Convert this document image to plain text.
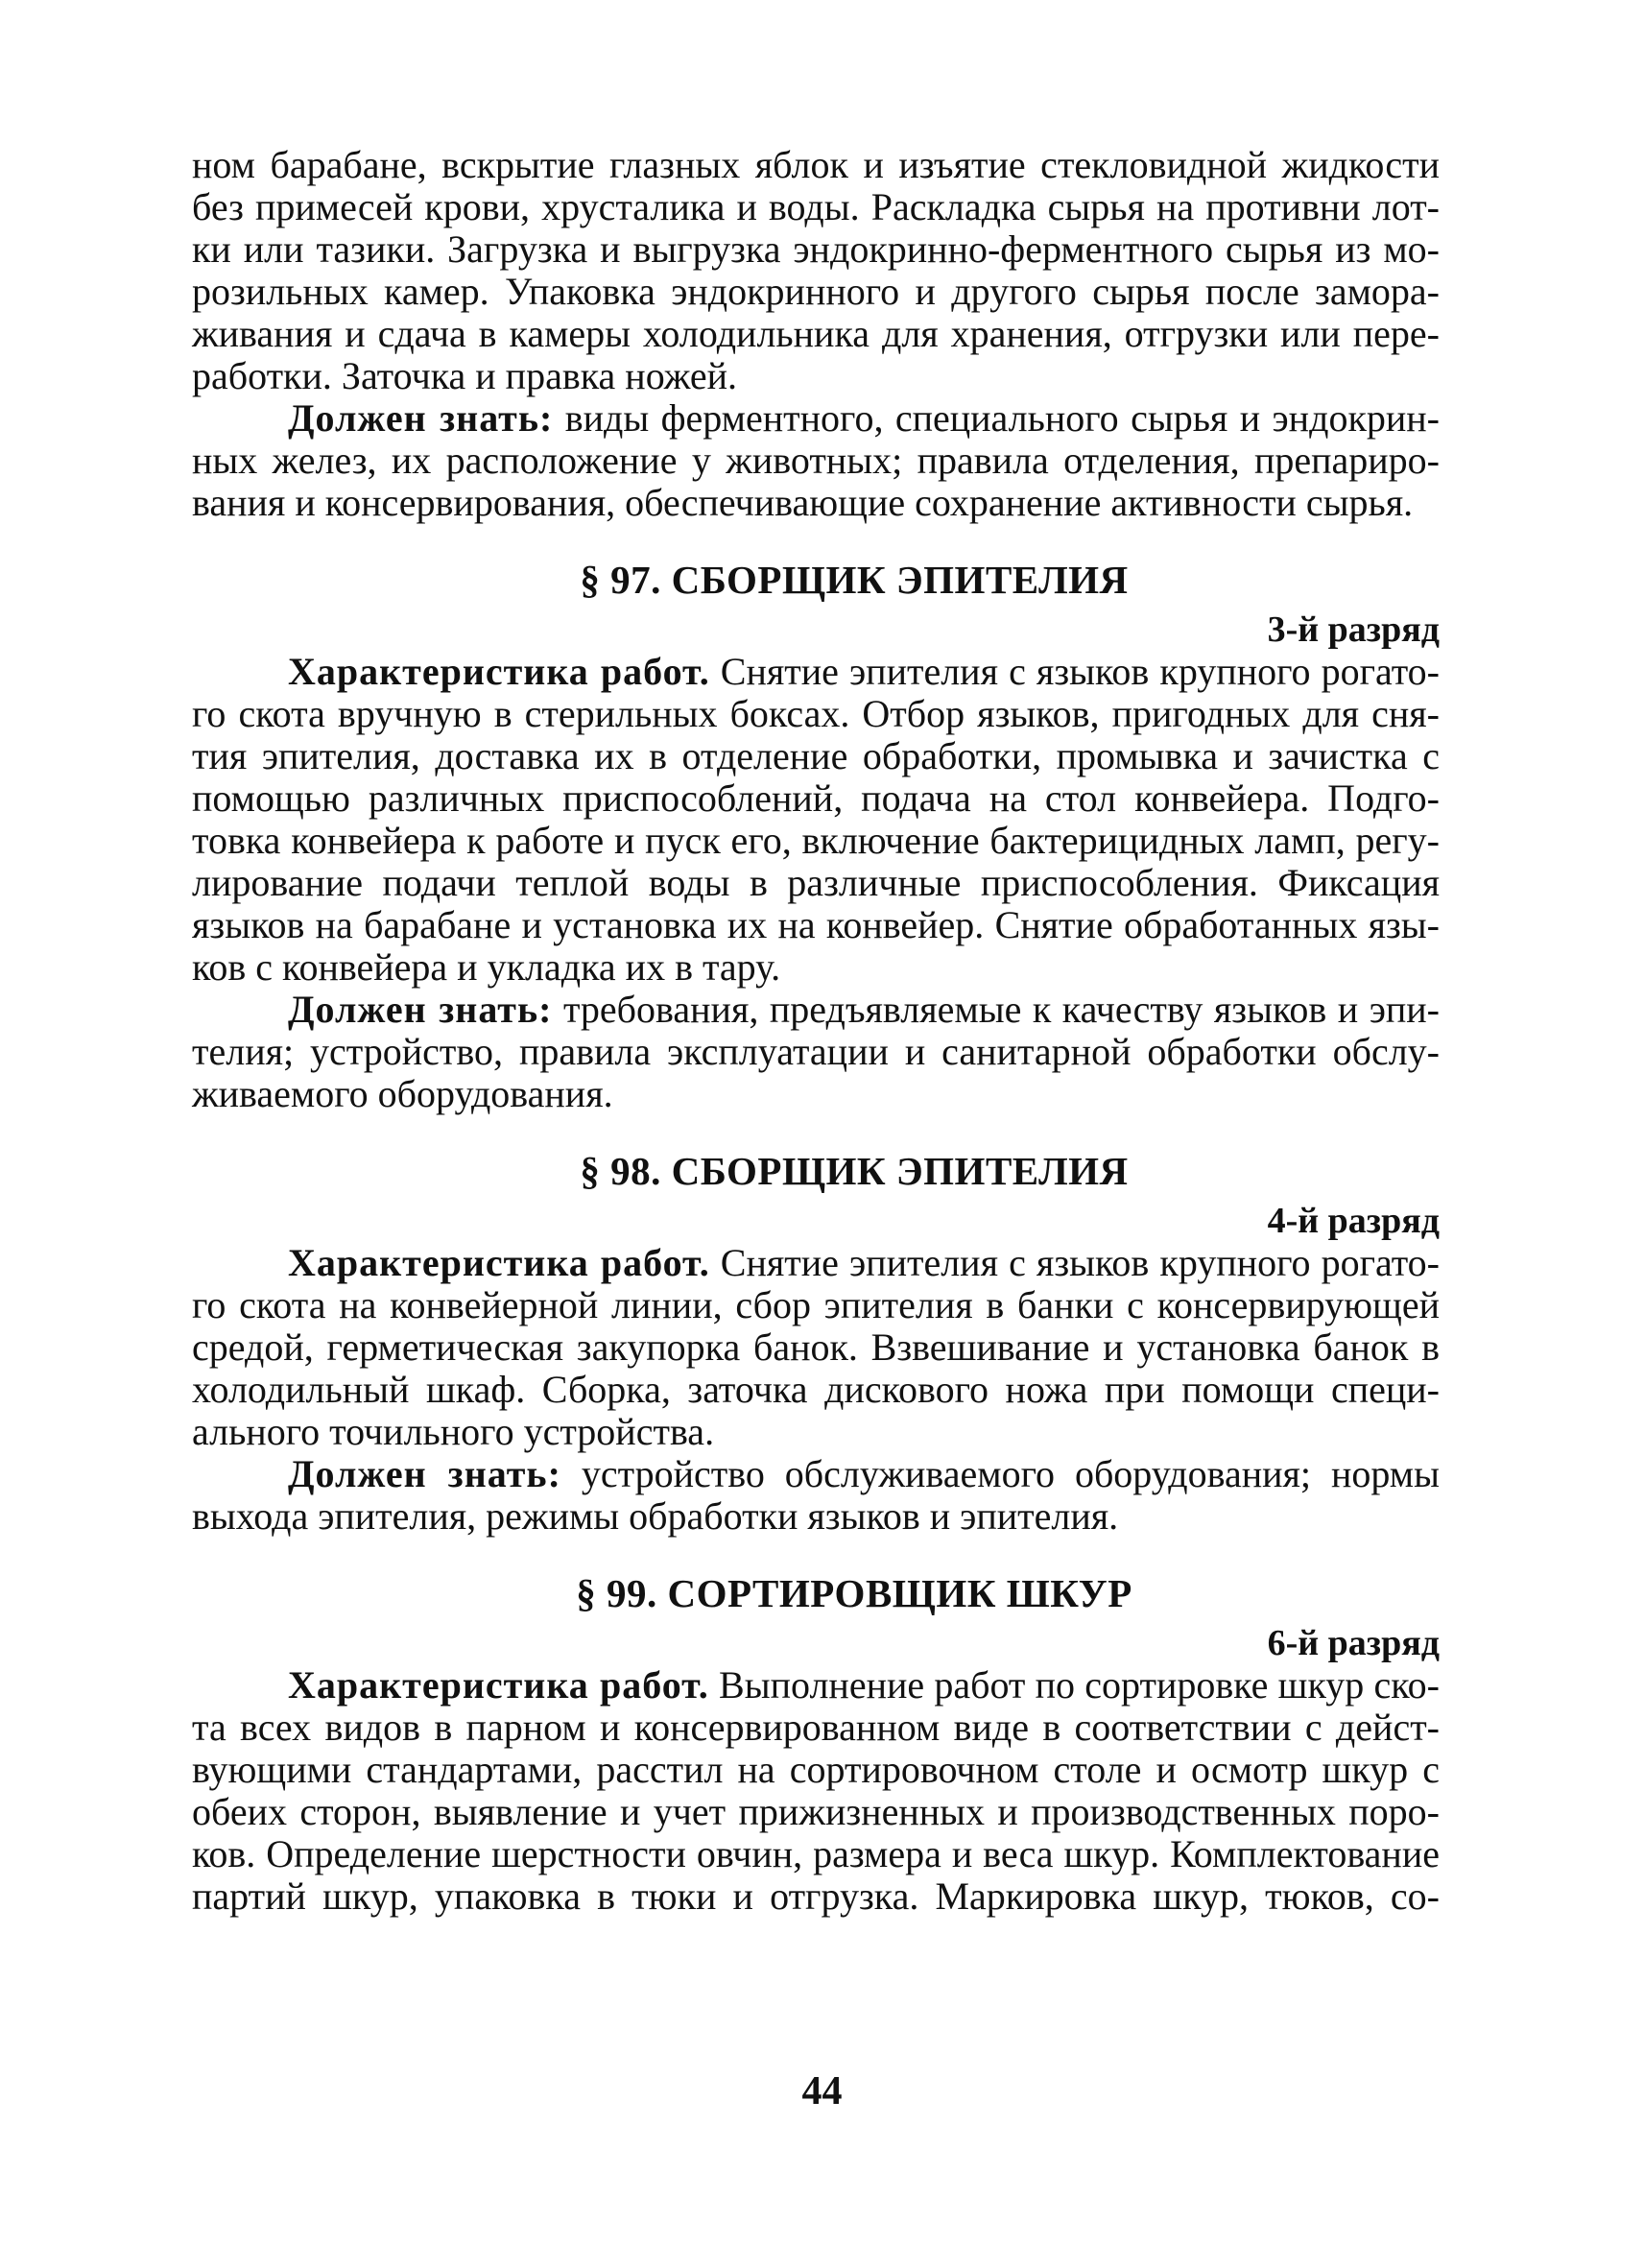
ном барабане, вскрытие глазных яблок и изъятие стекловидной жидкости
без примесей крови, хрусталика и воды. Раскладка сырья на противни лот-
ки или тазики. Загрузка и выгрузка эндокринно-ферментного сырья из мо-
розильных камер. Упаковка эндокринного и другого сырья после замора-
живания и сдача в камеры холодильника для хранения, отгрузки или пере-
работки. Заточка и правка ножей.
Должен знать: виды ферментного, специального сырья и эндокрин-
ных желез, их расположение у животных; правила отделения, препариро-
вания и консервирования, обеспечивающие сохранение активности сырья.
§ 97. СБОРЩИК ЭПИТЕЛИЯ
3-й разряд
Характеристика работ. Снятие эпителия с языков крупного рогато-
го скота вручную в стерильных боксах. Отбор языков, пригодных для сня-
тия эпителия, доставка их в отделение обработки, промывка и зачистка с
помощью различных приспособлений, подача на стол конвейера. Подго-
товка конвейера к работе и пуск его, включение бактерицидных ламп, регу-
лирование подачи теплой воды в различные приспособления. Фиксация
языков на барабане и установка их на конвейер. Снятие обработанных язы-
ков с конвейера и укладка их в тару.
Должен знать: требования, предъявляемые к качеству языков и эпи-
телия; устройство, правила эксплуатации и санитарной обработки обслу-
живаемого оборудования.
§ 98. СБОРЩИК ЭПИТЕЛИЯ
4-й разряд
Характеристика работ. Снятие эпителия с языков крупного рогато-
го скота на конвейерной линии, сбор эпителия в банки с консервирующей
средой, герметическая закупорка банок. Взвешивание и установка банок в
холодильный шкаф. Сборка, заточка дискового ножа при помощи специ-
ального точильного устройства.
Должен знать: устройство обслуживаемого оборудования; нормы
выхода эпителия, режимы обработки языков и эпителия.
§ 99. СОРТИРОВЩИК ШКУР
6-й разряд
Характеристика работ. Выполнение работ по сортировке шкур ско-
та всех видов в парном и консервированном виде в соответствии с дейст-
вующими стандартами, расстил на сортировочном столе и осмотр шкур с
обеих сторон, выявление и учет прижизненных и производственных поро-
ков. Определение шерстности овчин, размера и веса шкур. Комплектование
партий шкур, упаковка в тюки и отгрузка. Маркировка шкур, тюков, со-
44
